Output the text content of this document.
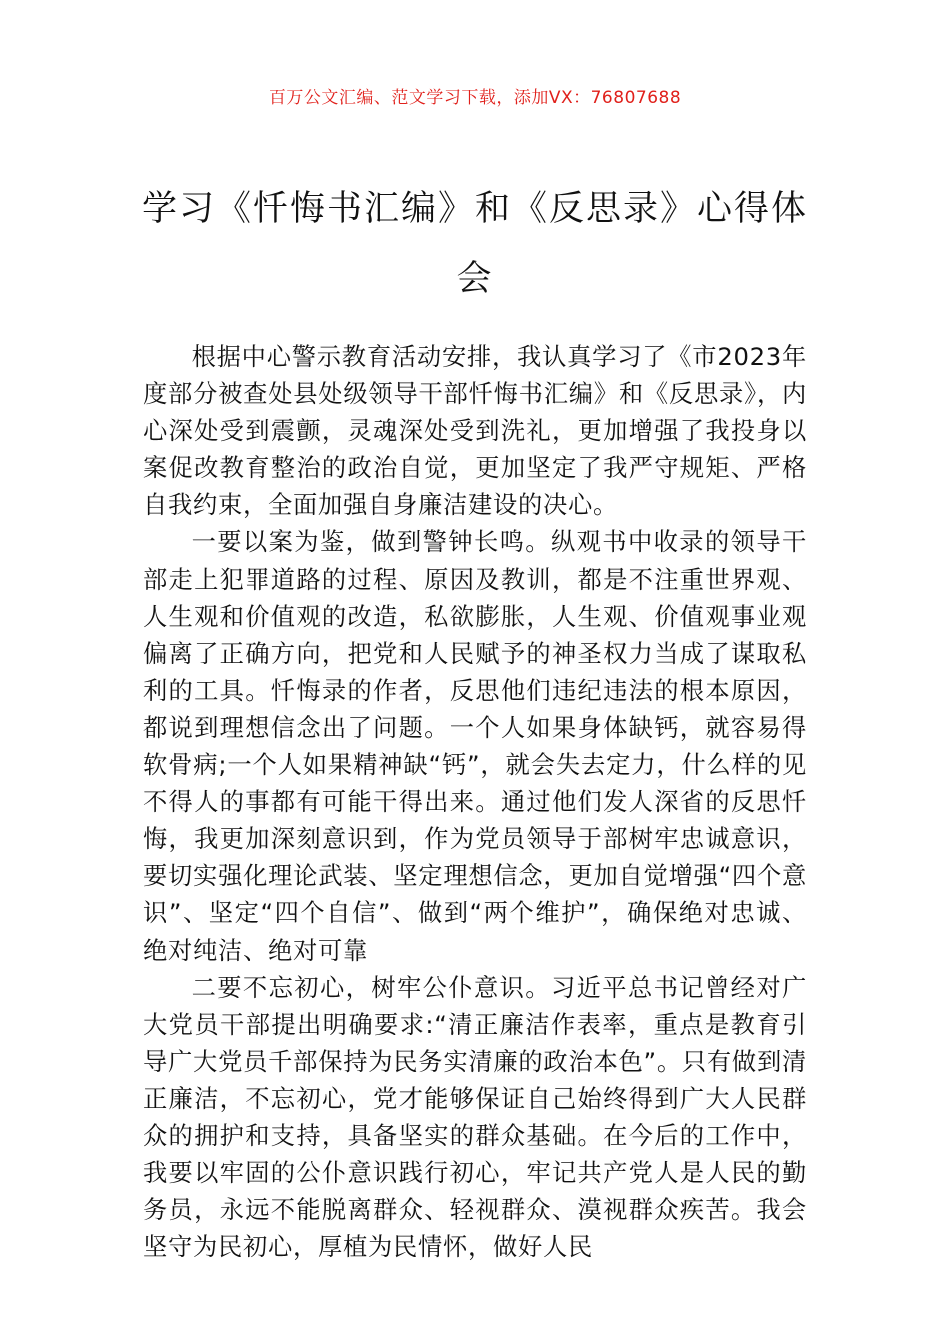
百万公文汇编、范文学习下载，添加VX：76807688
学习《忏悔书汇编》和《反思录》心得体会

根据中心警示教育活动安排，我认真学习了《市2023年度部分被查处县处级领导干部忏悔书汇编》和《反思录》，内心深处受到震颤，灵魂深处受到洗礼，更加增强了我投身以案促改教育整治的政治自觉，更加坚定了我严守规矩、严格自我约束，全面加强自身廉洁建设的决心。

一要以案为鉴，做到警钟长鸣。纵观书中收录的领导干部走上犯罪道路的过程、原因及教训，都是不注重世界观、人生观和价值观的改造，私欲膨胀，人生观、价值观事业观偏离了正确方向，把党和人民赋予的神圣权力当成了谋取私利的工具。忏悔录的作者，反思他们违纪违法的根本原因，都说到理想信念出了问题。一个人如果身体缺钙，就容易得软骨病;一个人如果精神缺“钙”，就会失去定力，什么样的见不得人的事都有可能干得出来。通过他们发人深省的反思忏悔，我更加深刻意识到，作为党员领导于部树牢忠诚意识，要切实强化理论武装、坚定理想信念，更加自觉增强“四个意识”、坚定“四个自信”、做到“两个维护”，确保绝对忠诚、绝对纯洁、绝对可靠

二要不忘初心，树牢公仆意识。习近平总书记曾经对广大党员干部提出明确要求:“清正廉洁作表率，重点是教育引导广大党员千部保持为民务实清廉的政治本色”。只有做到清正廉洁，不忘初心，党才能够保证自己始终得到广大人民群众的拥护和支持，具备坚实的群众基础。在今后的工作中，我要以牢固的公仆意识践行初心，牢记共产党人是人民的勤务员，永远不能脱离群众、轻视群众、漠视群众疾苦。我会坚守为民初心，厚植为民情怀，做好人民
